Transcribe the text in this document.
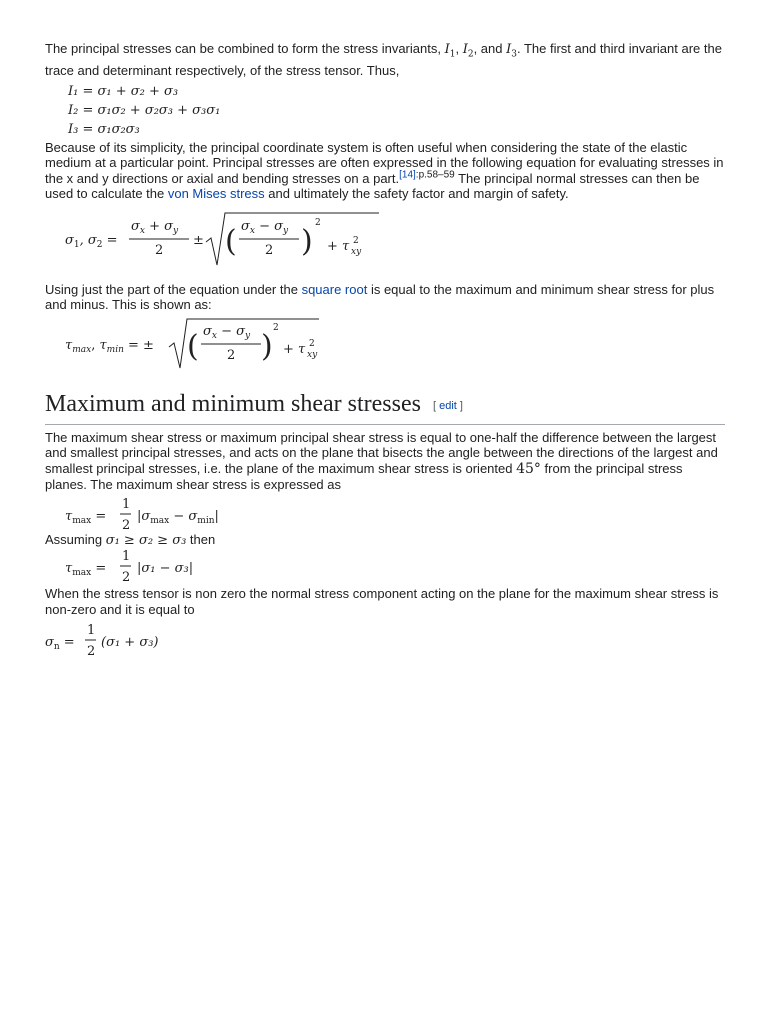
The principal stresses can be combined to form the stress invariants, $I_1$, $I_2$, and $I_3$. The first and third invariant are the trace and determinant respectively, of the stress tensor. Thus,

I₁ = σ₁ + σ₂ + σ₃
I₂ = σ₁σ₂ + σ₂σ₃ + σ₃σ₁
I₃ = σ₁σ₂σ₃

Because of its simplicity, the principal coordinate system is often useful when considering the state of the elastic medium at a particular point. Principal stresses are often expressed in the following equation for evaluating stresses in the x and y directions or axial and bending stresses on a part.$^{[14]:p.58-59}$ The principal normal stresses can then be used to calculate the von Mises stress and ultimately the safety factor and margin of safety.

$\sigma_1$, $\sigma_2$ =
$\sigma_x + \sigma_y$
2
± ( $\sigma_x - \sigma_y$
2 )
2
+ τ 2
xy

Using just the part of the equation under the square root is equal to the maximum and minimum shear stress for plus and minus. This is shown as:

$\tau_{max}$, $\tau_{min}$ = ± ( $\sigma_x - \sigma_y$
2 )
2
+ τ 2
xy
Maximum and minimum shear stresses [ edit ]

The maximum shear stress or maximum principal shear stress is equal to one-half the difference between the largest and smallest principal stresses, and acts on the plane that bisects the angle between the directions of the largest and smallest principal stresses, i.e. the plane of the maximum shear stress is oriented 45° from the principal stress planes. The maximum shear stress is expressed as

$\tau_{max}$ =
1
2
$|\sigma_{max} - \sigma_{min}|$

Assuming σ₁ ≥ σ₂ ≥ σ₃ then

$\tau_{max}$ =
1
2
|σ₁ − σ₃|

When the stress tensor is non zero the normal stress component acting on the plane for the maximum shear stress is non-zero and it is equal to

$\sigma_n$ =
1
2
(σ₁ + σ₃)
